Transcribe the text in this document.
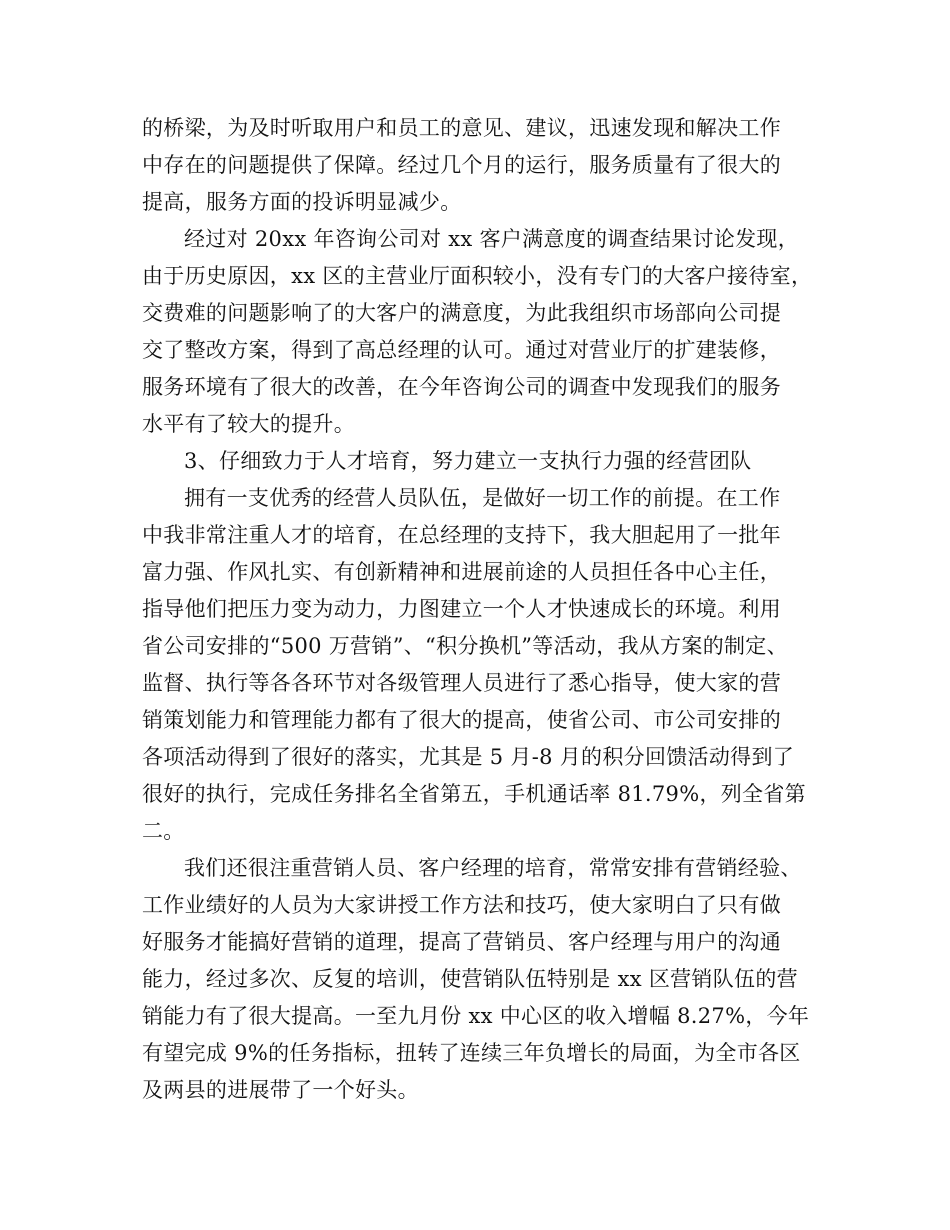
的桥梁，为及时听取用户和员工的意见、建议，迅速发现和解决工作
中存在的问题提供了保障。经过几个月的运行，服务质量有了很大的
提高，服务方面的投诉明显减少。
经过对 20xx 年咨询公司对 xx 客户满意度的调查结果讨论发现，
由于历史原因，xx 区的主营业厅面积较小，没有专门的大客户接待室，
交费难的问题影响了的大客户的满意度，为此我组织市场部向公司提
交了整改方案，得到了高总经理的认可。通过对营业厅的扩建装修，
服务环境有了很大的改善，在今年咨询公司的调查中发现我们的服务
水平有了较大的提升。
3、仔细致力于人才培育，努力建立一支执行力强的经营团队
拥有一支优秀的经营人员队伍，是做好一切工作的前提。在工作
中我非常注重人才的培育，在总经理的支持下，我大胆起用了一批年
富力强、作风扎实、有创新精神和进展前途的人员担任各中心主任，
指导他们把压力变为动力，力图建立一个人才快速成长的环境。利用
省公司安排的“500 万营销”、“积分换机”等活动，我从方案的制定、
监督、执行等各各环节对各级管理人员进行了悉心指导，使大家的营
销策划能力和管理能力都有了很大的提高，使省公司、市公司安排的
各项活动得到了很好的落实，尤其是 5 月-8 月的积分回馈活动得到了
很好的执行，完成任务排名全省第五，手机通话率 81.79%，列全省第
二。
我们还很注重营销人员、客户经理的培育，常常安排有营销经验、
工作业绩好的人员为大家讲授工作方法和技巧，使大家明白了只有做
好服务才能搞好营销的道理，提高了营销员、客户经理与用户的沟通
能力，经过多次、反复的培训，使营销队伍特别是 xx 区营销队伍的营
销能力有了很大提高。一至九月份 xx 中心区的收入增幅 8.27%，今年
有望完成 9%的任务指标，扭转了连续三年负增长的局面，为全市各区
及两县的进展带了一个好头。
